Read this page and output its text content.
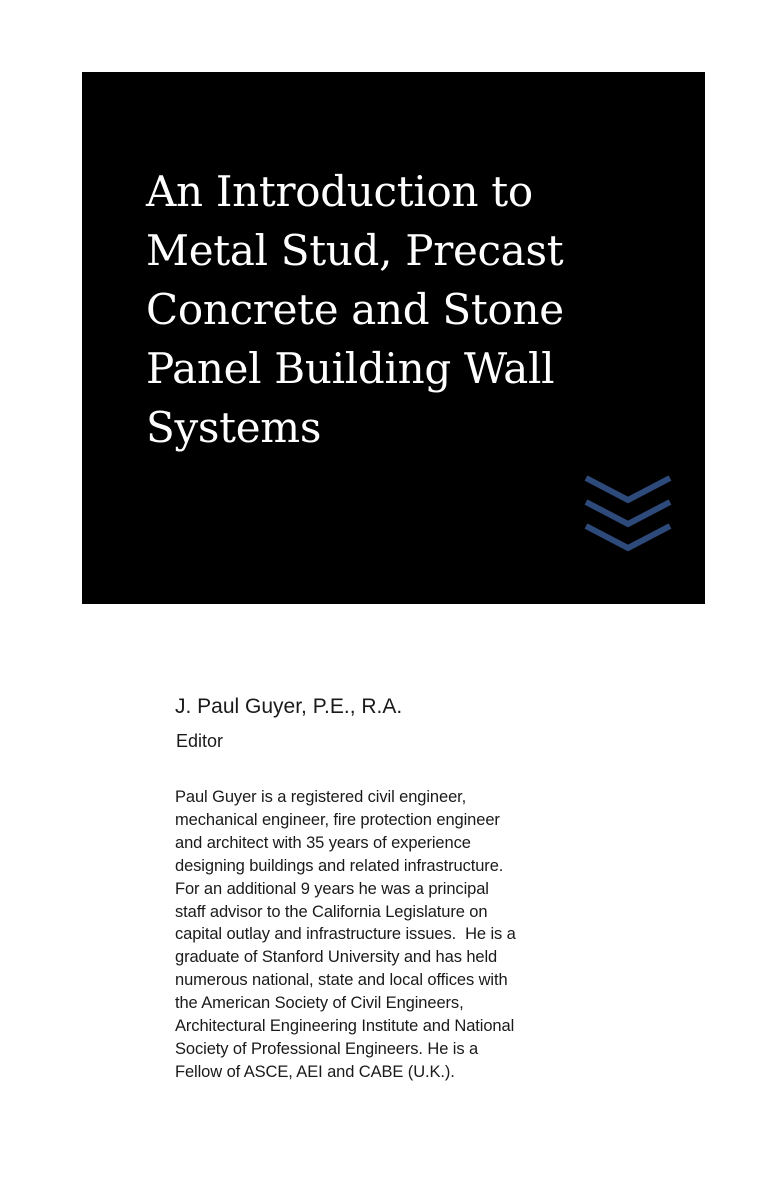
An Introduction to
Metal Stud, Precast
Concrete and Stone
Panel Building Wall
Systems
J. Paul Guyer, P.E., R.A.

Editor

Paul Guyer is a registered civil engineer,
mechanical engineer, fire protection engineer
and architect with 35 years of experience
designing buildings and related infrastructure.
For an additional 9 years he was a principal
staff advisor to the California Legislature on
capital outlay and infrastructure issues.  He is a
graduate of Stanford University and has held
numerous national, state and local offices with
the American Society of Civil Engineers,
Architectural Engineering Institute and National
Society of Professional Engineers. He is a
Fellow of ASCE, AEI and CABE (U.K.).
